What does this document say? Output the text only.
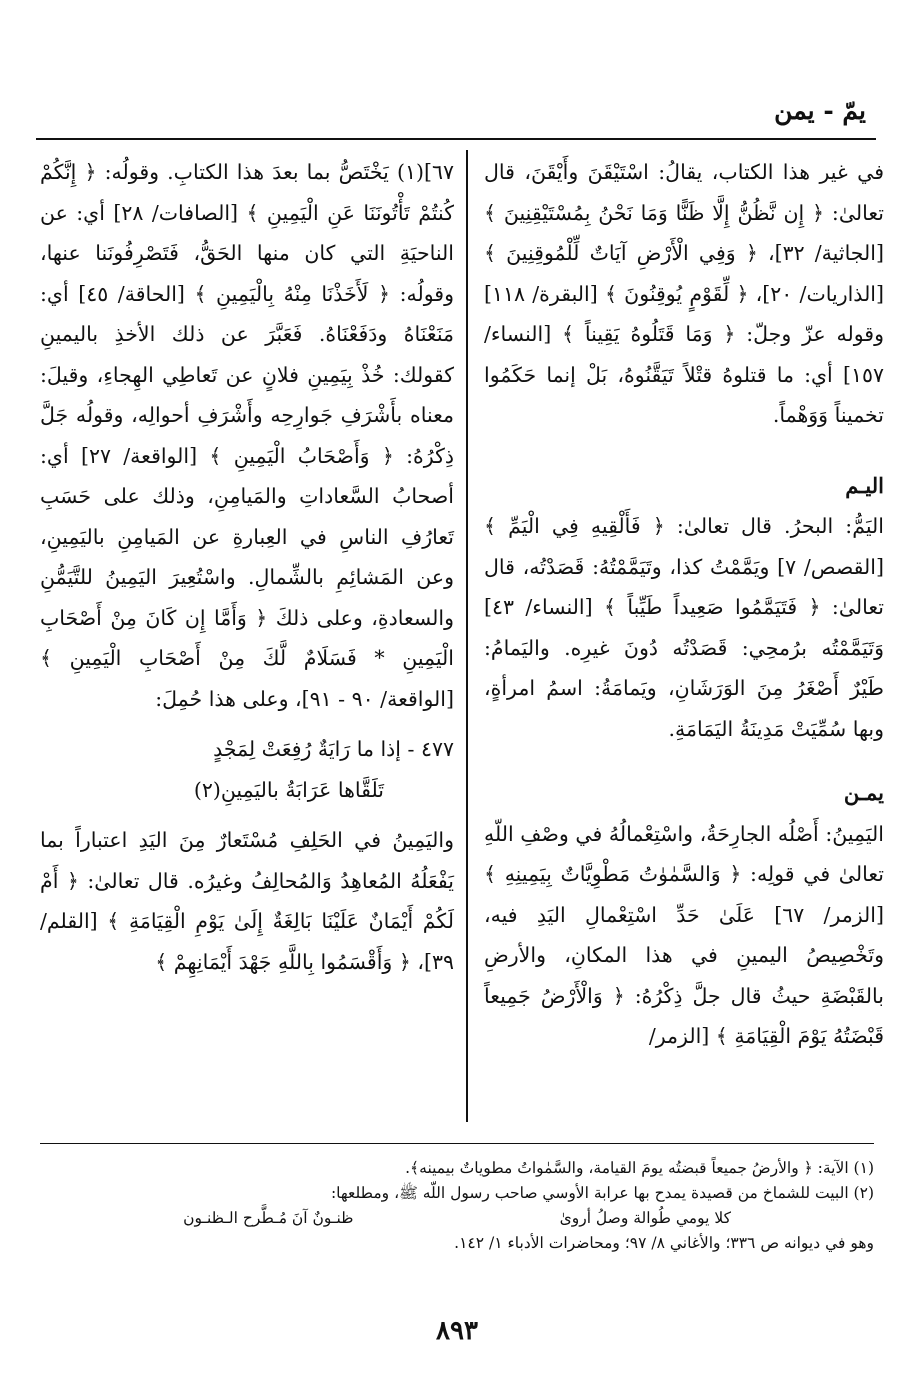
يمّ - يمن

في غير هذا الكتاب، يقالُ: اسْتَيْقَنَ وأَيْقَنَ، قال تعالىٰ: ﴿ إِن نَّظُنُّ إِلَّا ظَنًّا وَمَا نَحْنُ بِمُسْتَيْقِنِينَ ﴾ [الجاثية/ ٣٢]، ﴿ وَفِي الْأَرْضِ آيَاتٌ لِّلْمُوقِنِينَ ﴾ [الذاريات/ ٢٠]، ﴿ لِّقَوْمٍ يُوقِنُونَ ﴾ [البقرة/ ١١٨] وقوله عزّ وجلّ: ﴿ وَمَا قَتَلُوهُ يَقِيناً ﴾ [النساء/ ١٥٧] أي: ما قتلوهُ قتْلاً تَيَقَّنُوهُ، بَلْ إنما حَكَمُوا تخميناً وَوَهْماً.

اليـم

اليَمُّ: البحرُ. قال تعالىٰ: ﴿ فَأَلْقِيهِ فِي الْيَمِّ ﴾ [القصص/ ٧] ويَمَّمْتُ كذا، وتَيَمَّمْتُهُ: قَصَدْتُه، قال تعالىٰ: ﴿ فَتَيَمَّمُوا صَعِيداً طَيِّباً ﴾ [النساء/ ٤٣] وَتَيَمَّمْتُه برُمحِي: قَصَدْتُه دُونَ غيرِه. واليَمامُ: طَيْرٌ أَصْغَرُ مِنَ الوَرَشَانِ، ويَمامَةُ: اسمُ امرأةٍ، وبها سُمِّيَتْ مَدِينَةُ اليَمَامَةِ.

يمـن

اليَمِينُ: أَصْلُه الجارِحَةُ، واسْتِعْمالُهُ في وصْفِ اللّهِ تعالىٰ في قولِه: ﴿ وَالسَّمٰوٰتُ مَطْوِيَّاتٌ بِيَمِينِهِ ﴾ [الزمر/ ٦٧] عَلَىٰ حَدِّ اسْتِعْمالِ اليَدِ فيه، وتَخْصِيصُ اليمينِ في هذا المكانِ، والأرضِ بالقَبْضَةِ حيثُ قال جلَّ ذِكْرُهُ: ﴿ وَالْأَرْضُ جَمِيعاً قَبْضَتُهُ يَوْمَ الْقِيَامَةِ ﴾ [الزمر/

٦٧](١) يَخْتَصُّ بما بعدَ هذا الكتابِ. وقولُه: ﴿ إِنَّكُمْ كُنتُمْ تَأْتُونَنَا عَنِ الْيَمِينِ ﴾ [الصافات/ ٢٨] أي: عن الناحيَةِ التي كان منها الحَقُّ، فَتَصْرِفُونَنا عنها، وقولُه: ﴿ لَأَخَذْنَا مِنْهُ بِالْيَمِينِ ﴾ [الحاقة/ ٤٥] أي: مَنَعْنَاهُ ودَفَعْنَاهُ. فَعَبَّرَ عن ذلك الأخذِ باليمينِ كقولك: خُذْ بِيَمِينِ فلانٍ عن تَعاطِي الهِجاءِ، وقيلَ: معناه بأَشْرَفِ جَوارِحِه وأَشْرَفِ أحوالِه، وقولُه جَلَّ ذِكْرُهُ: ﴿ وَأَصْحَابُ الْيَمِينِ ﴾ [الواقعة/ ٢٧] أي: أصحابُ السَّعاداتِ والمَيامِنِ، وذلك على حَسَبِ تَعارُفِ الناسِ في العِبارةِ عن المَيامِنِ باليَمِينِ، وعن المَشائِمِ بالشِّمالِ. واسْتُعِيرَ اليَمِينُ للتَّيَمُّنِ والسعادةِ، وعلى ذلكَ ﴿ وَأَمَّا إِن كَانَ مِنْ أَصْحَابِ الْيَمِينِ * فَسَلَامٌ لَّكَ مِنْ أَصْحَابِ الْيَمِينِ ﴾ [الواقعة/ ٩٠ - ٩١]، وعلى هذا حُمِلَ:

٤٧٧ - إذا ما رَايَةٌ رُفِعَتْ لِمَجْدٍ
تَلَقَّاها عَرَابَةُ باليَمِينِ(٢)

واليَمِينُ في الحَلِفِ مُسْتَعارٌ مِنَ اليَدِ اعتباراً بما يَفْعَلُهُ المُعاهِدُ وَالمُحالِفُ وغيرُه. قال تعالىٰ: ﴿ أَمْ لَكُمْ أَيْمَانٌ عَلَيْنَا بَالِغَةٌ إِلَىٰ يَوْمِ الْقِيَامَةِ ﴾ [القلم/ ٣٩]، ﴿ وَأَقْسَمُوا بِاللَّهِ جَهْدَ أَيْمَانِهِمْ ﴾

(١) الآية: ﴿ والأرضُ جميعاً قبضتُه يومَ القيامة، والسَّمٰواتُ مطوياتٌ بيمينه﴾.

(٢) البيت للشماخ من قصيدة يمدح بها عرابة الأوسي صاحب رسول اللّه ﷺ، ومطلعها:

كلا يومي طُوالة وصلُ أروىٰ
ظنـونٌ آنَ مُـطَّرح الـظنـون

وهو في ديوانه ص ٣٣٦؛ والأغاني ٨/ ٩٧؛ ومحاضرات الأدباء ١/ ١٤٢.

٨٩٣
